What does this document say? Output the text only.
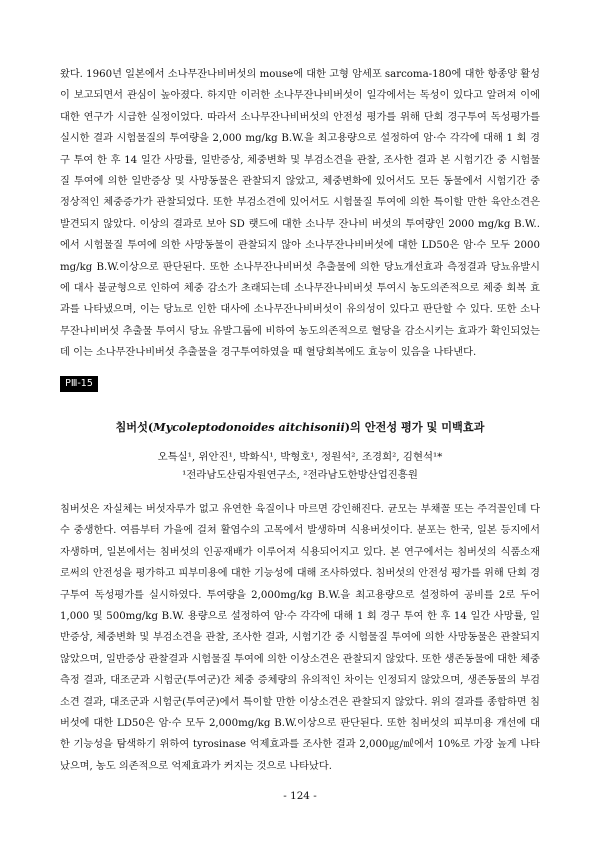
왔다. 1960년 일본에서 소나무잔나비버섯의 mouse에 대한 고형 암세포 sarcoma-180에 대한 항종양 활성이 보고되면서 관심이 높아졌다. 하지만 이러한 소나무잔나비버섯이 일각에서는 독성이 있다고 알려져 이에 대한 연구가 시급한 실정이었다. 따라서 소나무잔나비버섯의 안전성 평가를 위해 단회 경구투여 독성평가를 실시한 결과 시험물질의 투여량을 2,000 mg/kg B.W.을 최고용량으로 설정하여 암·수 각각에 대해 1 회 경구 투여 한 후 14 일간 사망률, 일반증상, 체중변화 및 부검소견을 관찰, 조사한 결과 본 시험기간 중 시험물질 투여에 의한 일반증상 및 사망동물은 관찰되지 않았고, 체중변화에 있어서도 모든 동물에서 시험기간 중 정상적인 체중증가가 관찰되었다. 또한 부검소견에 있어서도 시험물질 투여에 의한 특이할 만한 육안소견은 발견되지 않았다. 이상의 결과로 보아 SD 랫드에 대한 소나무 잔나비 버섯의 투여량인 2000 mg/kg B.W..에서 시험물질 투여에 의한 사망동물이 관찰되지 않아 소나무잔나비버섯에 대한 LD50은 암·수 모두 2000 mg/kg B.W.이상으로 판단된다. 또한 소나무잔나비버섯 추출물에 의한 당뇨개선효과 측정결과 당뇨유발시에 대사 불균형으로 인하여 체중 감소가 초래되는데 소나무잔나비버섯 투여시 농도의존적으로 체중 회복 효과를 나타냈으며, 이는 당뇨로 인한 대사에 소나무잔나비버섯이 유의성이 있다고 판단할 수 있다. 또한 소나무잔나비버섯 추출물 투여시 당뇨 유발그룹에 비하여 농도의존적으로 혈당을 감소시키는 효과가 확인되었는데 이는 소나무잔나비버섯 추출물을 경구투여하였을 때 혈당회복에도 효능이 있음을 나타낸다.

PⅢ-15
침버섯(Mycoleptodonoides aitchisonii)의 안전성 평가 및 미백효과
오특실¹, 위안진¹, 박화식¹, 박형호¹, 정원석², 조경희², 김현석¹*
¹전라남도산림자원연구소, ²전라남도한방산업진흥원

침버섯은 자실체는 버섯자루가 없고 유연한 육질이나 마르면 강인해진다. 균모는 부채꼴 또는 주걱꼴인데 다수 중생한다. 여름부터 가을에 걸쳐 활엽수의 고목에서 발생하며 식용버섯이다. 분포는 한국, 일본 등지에서 자생하며, 일본에서는 침버섯의 인공재배가 이루어져 식용되어지고 있다. 본 연구에서는 침버섯의 식품소재로써의 안전성을 평가하고 피부미용에 대한 기능성에 대해 조사하였다. 침버섯의 안전성 평가를 위해 단회 경구투여 독성평가를 실시하였다. 투여량을 2,000mg/kg B.W.을 최고용량으로 설정하여 공비를 2로 두어 1,000 및 500mg/kg B.W. 용량으로 설정하여 암·수 각각에 대해 1 회 경구 투여 한 후 14 일간 사망률, 일반증상, 체중변화 및 부검소견을 관찰, 조사한 결과, 시험기간 중 시험물질 투여에 의한 사망동물은 관찰되지 않았으며, 일반증상 관찰결과 시험물질 투여에 의한 이상소견은 관찰되지 않았다. 또한 생존동물에 대한 체중측정 결과, 대조군과 시험군(투여군)간 체중 증체량의 유의적인 차이는 인정되지 않았으며, 생존동물의 부검 소견 결과, 대조군과 시험군(투여군)에서 특이할 만한 이상소견은 관찰되지 않았다. 위의 결과를 종합하면 침버섯에 대한 LD50은 암·수 모두 2,000mg/kg B.W.이상으로 판단된다. 또한 침버섯의 피부미용 개선에 대한 기능성을 탐색하기 위하여 tyrosinase 억제효과를 조사한 결과 2,000㎍/㎖에서 10%로 가장 높게 나타났으며, 농도 의존적으로 억제효과가 커지는 것으로 나타났다.

- 124 -
